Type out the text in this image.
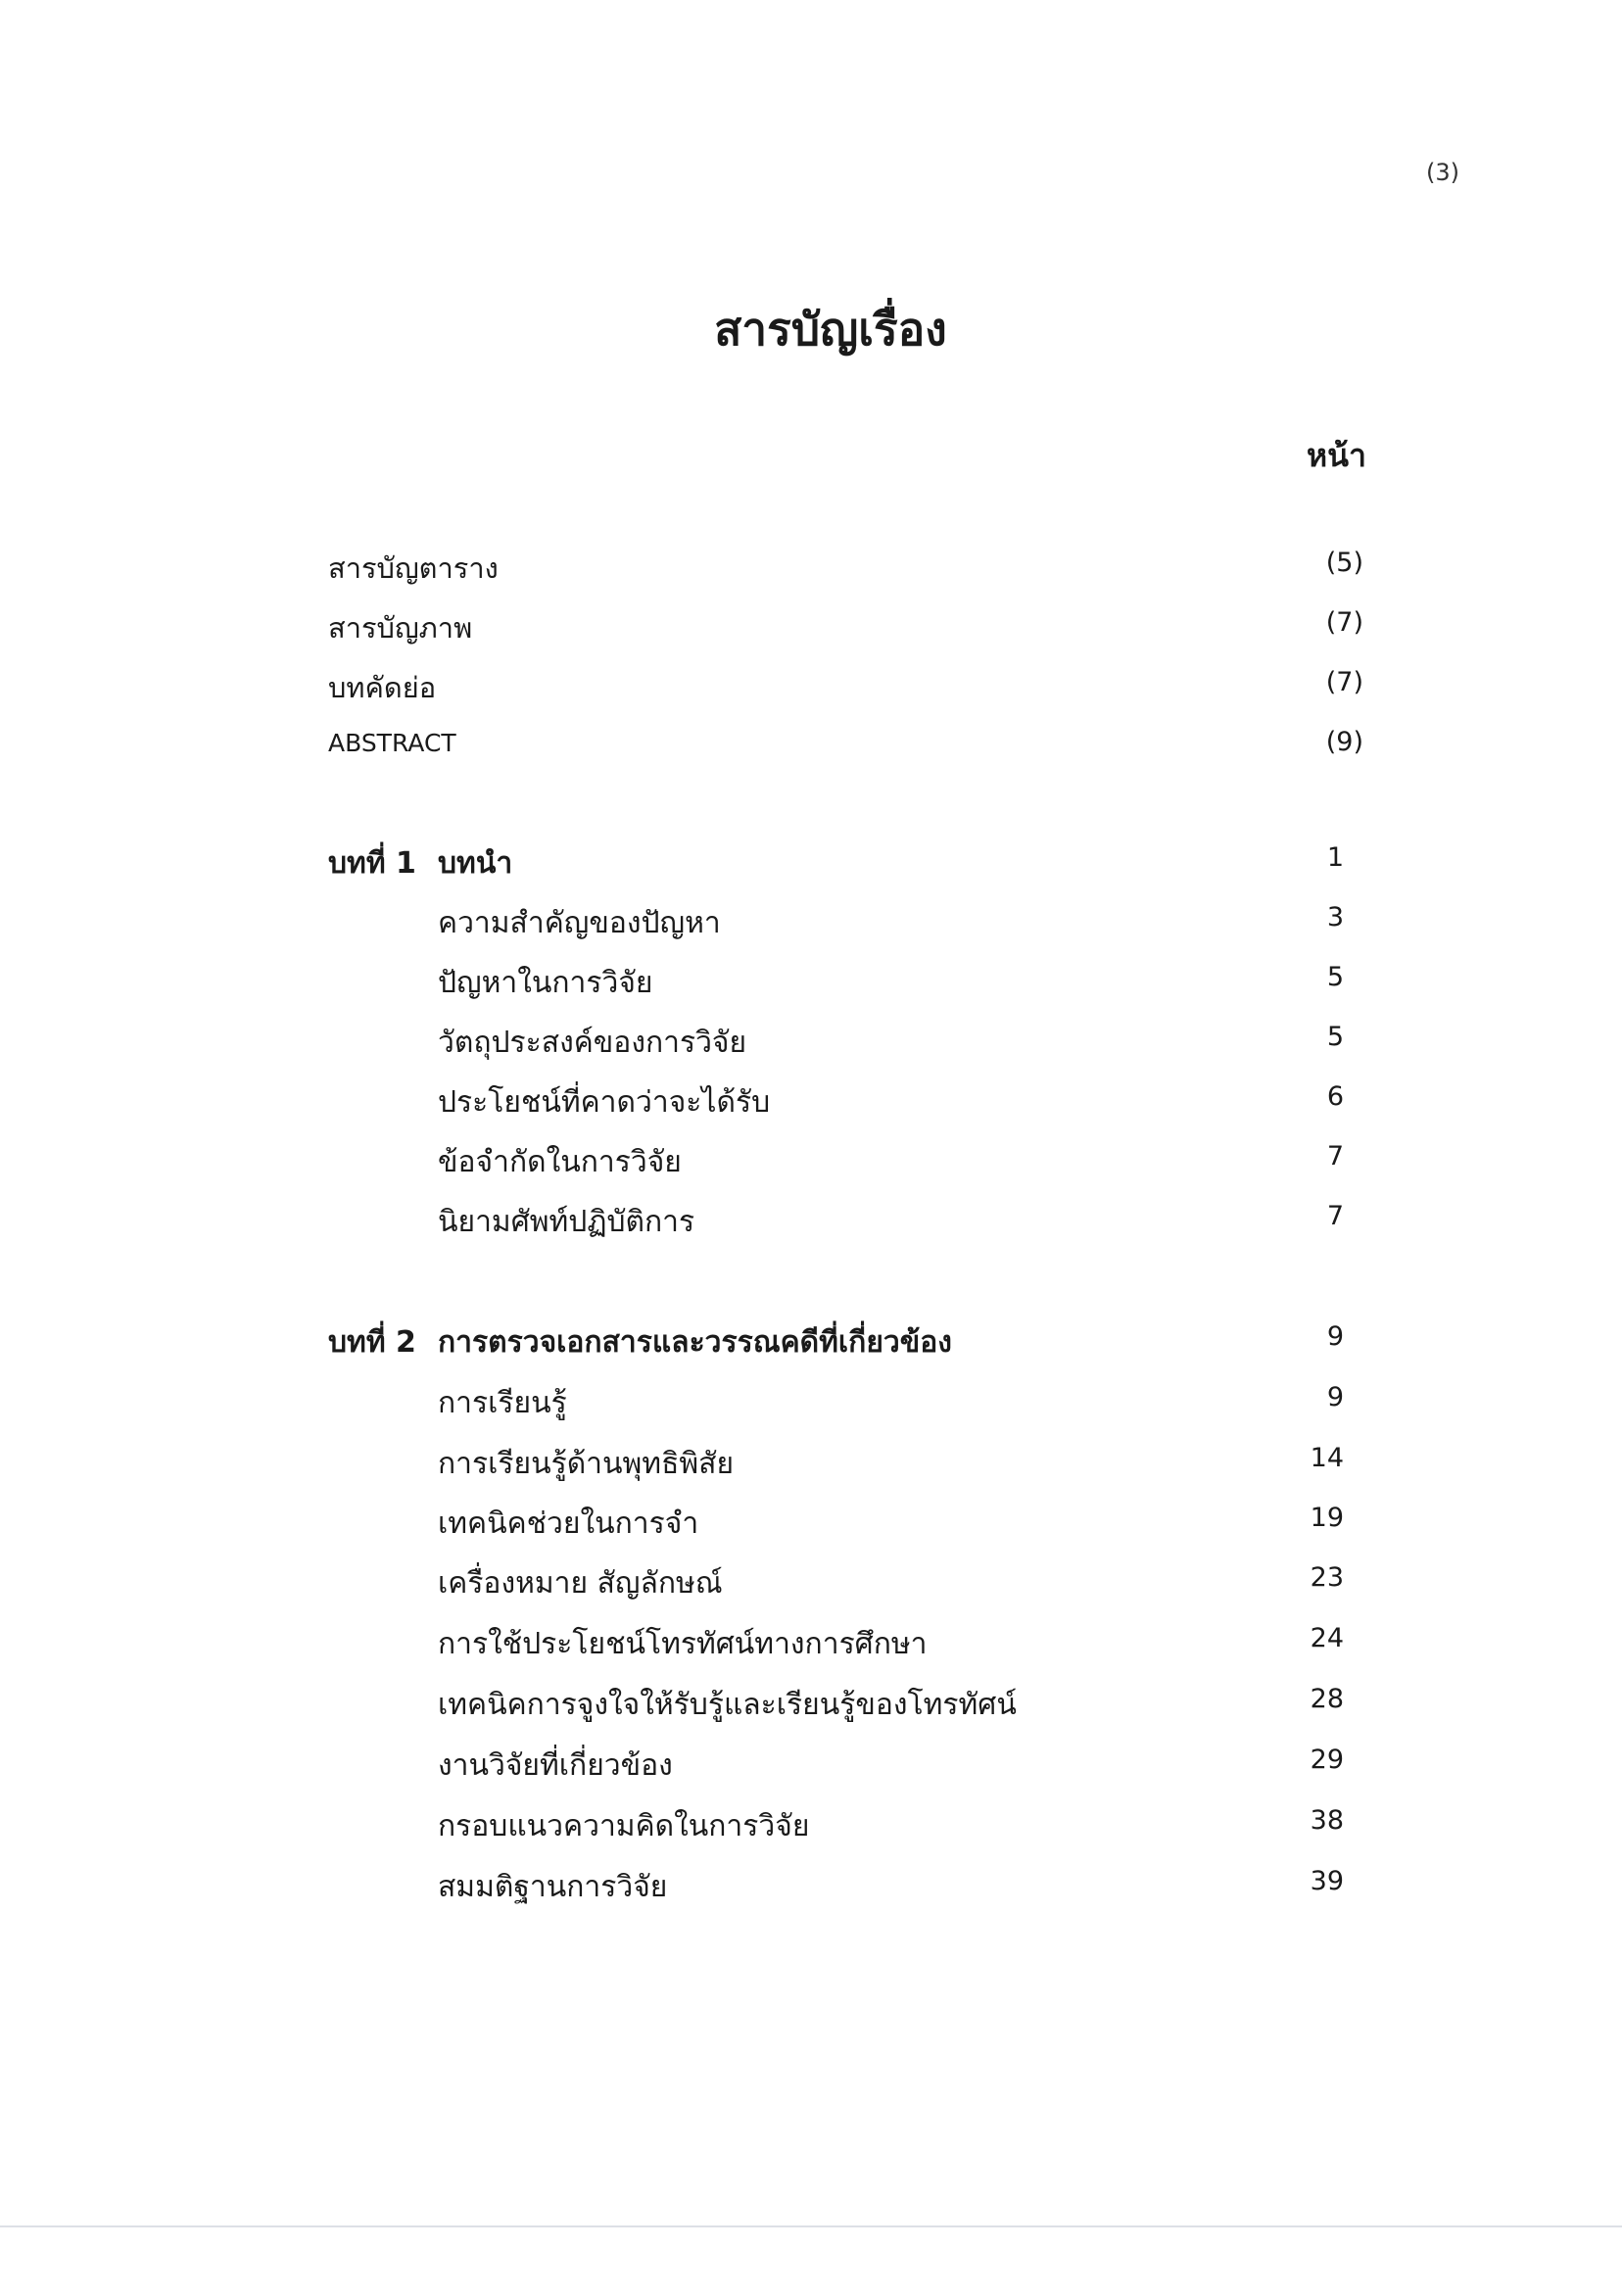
(3)
สารบัญเรื่อง
หน้า
สารบัญตาราง	(5)
สารบัญภาพ	(7)
บทคัดย่อ	(7)
ABSTRACT	(9)
บทที่ 1 บทนำ	1
ความสำคัญของปัญหา	3
ปัญหาในการวิจัย	5
วัตถุประสงค์ของการวิจัย	5
ประโยชน์ที่คาดว่าจะได้รับ	6
ข้อจำกัดในการวิจัย	7
นิยามศัพท์ปฏิบัติการ	7
บทที่ 2 การตรวจเอกสารและวรรณคดีที่เกี่ยวข้อง	9
การเรียนรู้	9
การเรียนรู้ด้านพุทธิพิสัย	14
เทคนิคช่วยในการจำ	19
เครื่องหมาย สัญลักษณ์	23
การใช้ประโยชน์โทรทัศน์ทางการศึกษา	24
เทคนิคการจูงใจให้รับรู้และเรียนรู้ของโทรทัศน์	28
งานวิจัยที่เกี่ยวข้อง	29
กรอบแนวความคิดในการวิจัย	38
สมมติฐานการวิจัย	39
